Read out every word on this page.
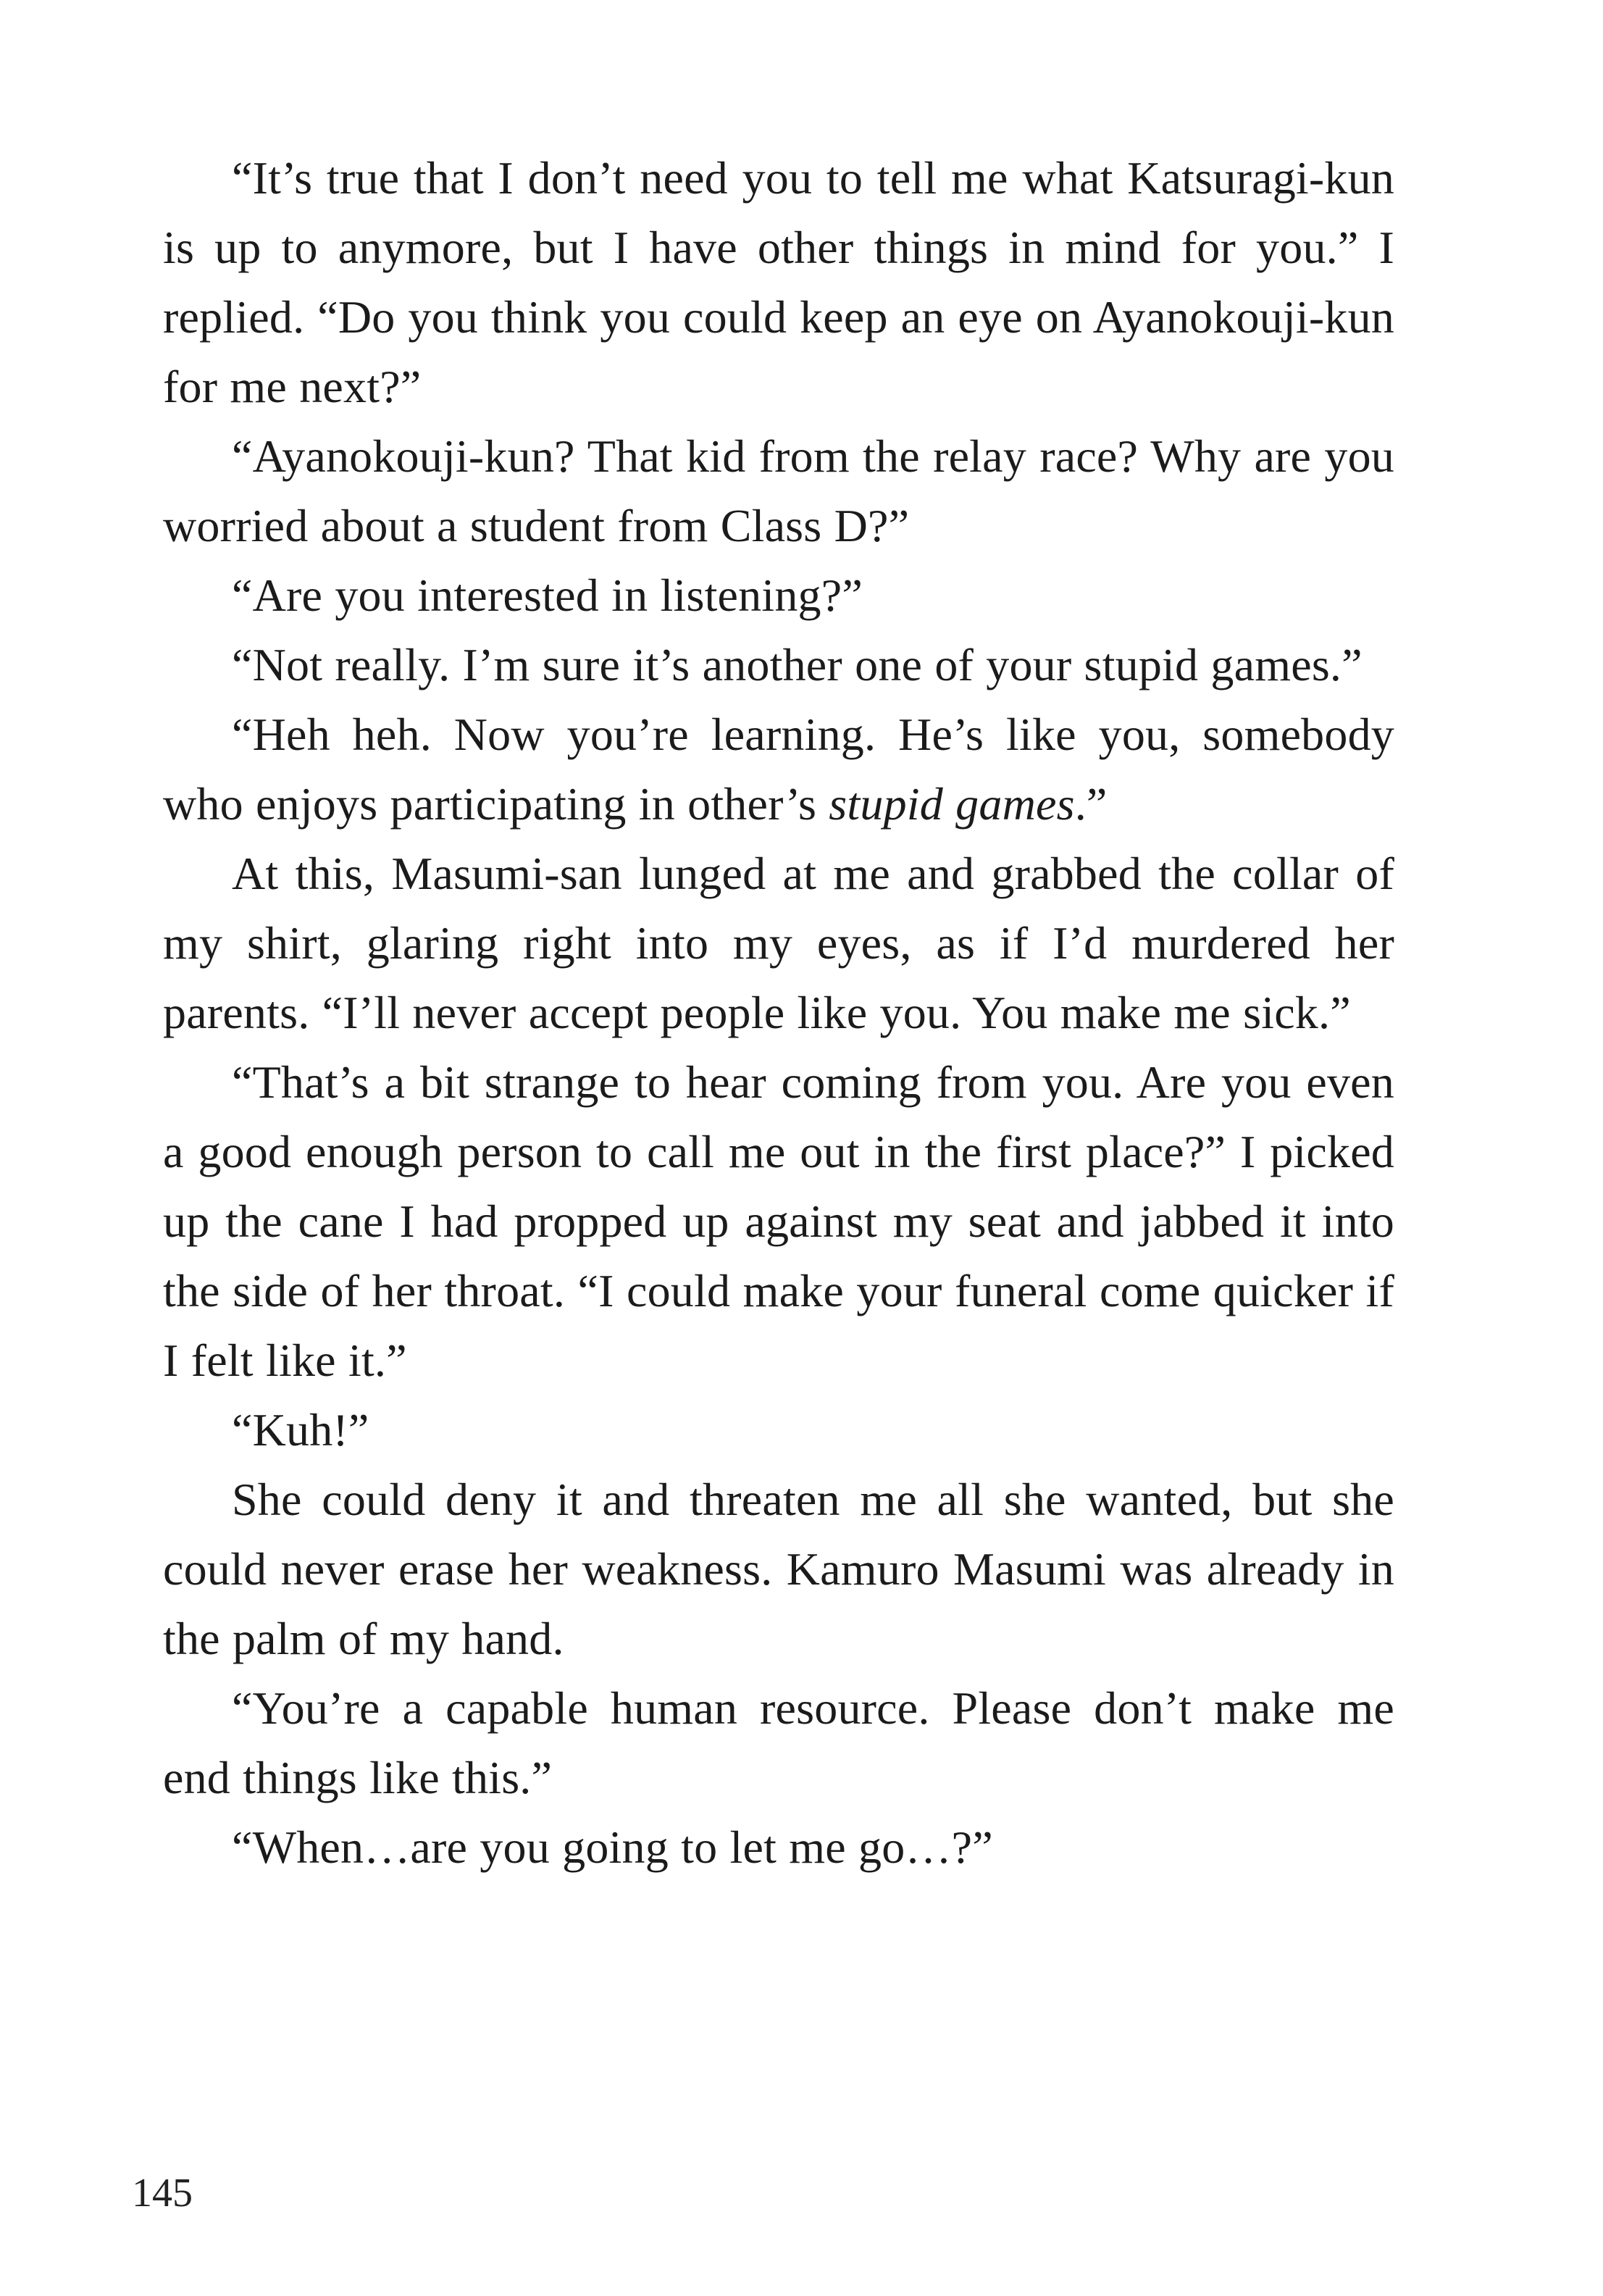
“It’s true that I don’t need you to tell me what Katsuragi-kun is up to anymore, but I have other things in mind for you.” I replied. “Do you think you could keep an eye on Ayanokouji-kun for me next?”

“Ayanokouji-kun? That kid from the relay race? Why are you worried about a student from Class D?”

“Are you interested in listening?”

“Not really. I’m sure it’s another one of your stupid games.”

“Heh heh. Now you’re learning. He’s like you, somebody who enjoys participating in other’s stupid games.”

At this, Masumi-san lunged at me and grabbed the collar of my shirt, glaring right into my eyes, as if I’d murdered her parents. “I’ll never accept people like you. You make me sick.”

“That’s a bit strange to hear coming from you. Are you even a good enough person to call me out in the first place?” I picked up the cane I had propped up against my seat and jabbed it into the side of her throat. “I could make your funeral come quicker if I felt like it.”

“Kuh!”

She could deny it and threaten me all she wanted, but she could never erase her weakness. Kamuro Masumi was already in the palm of my hand.

“You’re a capable human resource. Please don’t make me end things like this.”

“When…are you going to let me go…?”

145
